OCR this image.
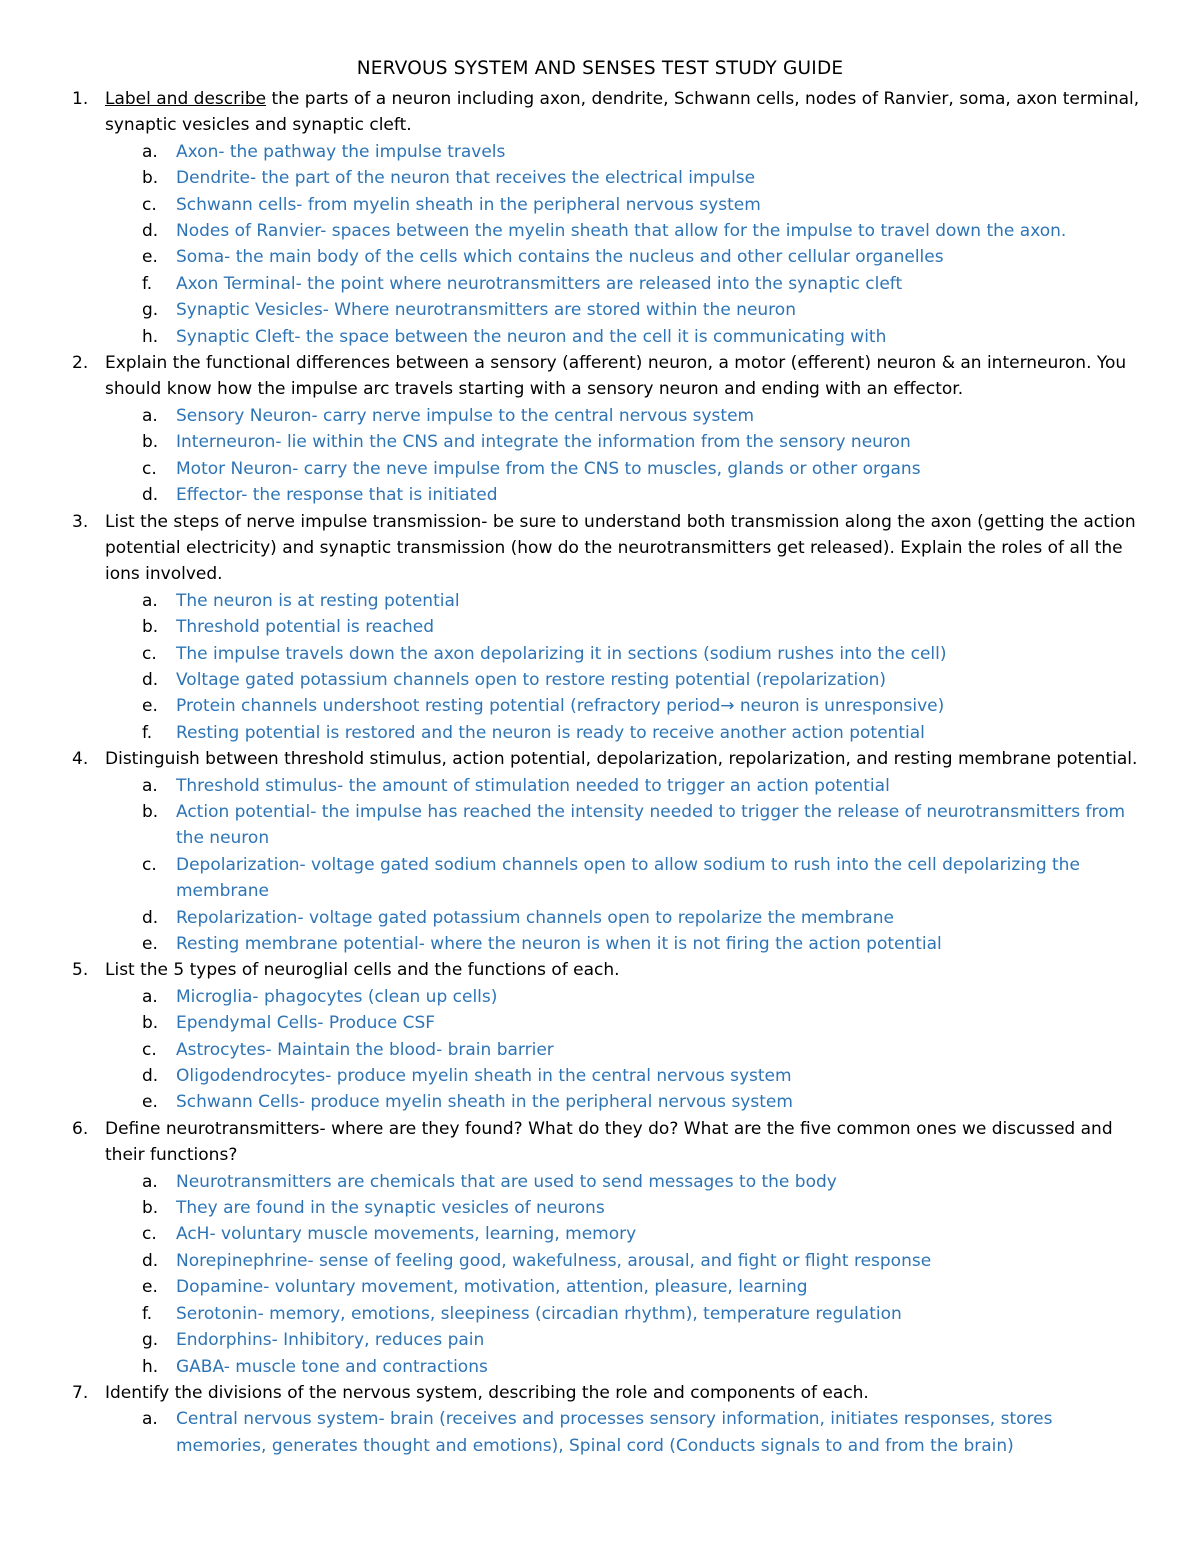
NERVOUS SYSTEM AND SENSES TEST STUDY GUIDE
1. Label and describe the parts of a neuron including axon, dendrite, Schwann cells, nodes of Ranvier, soma, axon terminal, synaptic vesicles and synaptic cleft.
a. Axon- the pathway the impulse travels
b. Dendrite- the part of the neuron that receives the electrical impulse
c. Schwann cells- from myelin sheath in the peripheral nervous system
d. Nodes of Ranvier- spaces between the myelin sheath that allow for the impulse to travel down the axon.
e. Soma- the main body of the cells which contains the nucleus and other cellular organelles
f. Axon Terminal- the point where neurotransmitters are released into the synaptic cleft
g. Synaptic Vesicles- Where neurotransmitters are stored within the neuron
h. Synaptic Cleft- the space between the neuron and the cell it is communicating with
2. Explain the functional differences between a sensory (afferent) neuron, a motor (efferent) neuron & an interneuron. You should know how the impulse arc travels starting with a sensory neuron and ending with an effector.
a. Sensory Neuron- carry nerve impulse to the central nervous system
b. Interneuron- lie within the CNS and integrate the information from the sensory neuron
c. Motor Neuron- carry the neve impulse from the CNS to muscles, glands or other organs
d. Effector- the response that is initiated
3. List the steps of nerve impulse transmission- be sure to understand both transmission along the axon (getting the action potential electricity) and synaptic transmission (how do the neurotransmitters get released). Explain the roles of all the ions involved.
a. The neuron is at resting potential
b. Threshold potential is reached
c. The impulse travels down the axon depolarizing it in sections (sodium rushes into the cell)
d. Voltage gated potassium channels open to restore resting potential (repolarization)
e. Protein channels undershoot resting potential (refractory period→ neuron is unresponsive)
f. Resting potential is restored and the neuron is ready to receive another action potential
4. Distinguish between threshold stimulus, action potential, depolarization, repolarization, and resting membrane potential.
a. Threshold stimulus- the amount of stimulation needed to trigger an action potential
b. Action potential- the impulse has reached the intensity needed to trigger the release of neurotransmitters from the neuron
c. Depolarization- voltage gated sodium channels open to allow sodium to rush into the cell depolarizing the membrane
d. Repolarization- voltage gated potassium channels open to repolarize the membrane
e. Resting membrane potential- where the neuron is when it is not firing the action potential
5. List the 5 types of neuroglial cells and the functions of each.
a. Microglia- phagocytes (clean up cells)
b. Ependymal Cells- Produce CSF
c. Astrocytes- Maintain the blood- brain barrier
d. Oligodendrocytes- produce myelin sheath in the central nervous system
e. Schwann Cells- produce myelin sheath in the peripheral nervous system
6. Define neurotransmitters- where are they found? What do they do? What are the five common ones we discussed and their functions?
a. Neurotransmitters are chemicals that are used to send messages to the body
b. They are found in the synaptic vesicles of neurons
c. AcH- voluntary muscle movements, learning, memory
d. Norepinephrine- sense of feeling good, wakefulness, arousal, and fight or flight response
e. Dopamine- voluntary movement, motivation, attention, pleasure, learning
f. Serotonin- memory, emotions, sleepiness (circadian rhythm), temperature regulation
g. Endorphins- Inhibitory, reduces pain
h. GABA- muscle tone and contractions
7. Identify the divisions of the nervous system, describing the role and components of each.
a. Central nervous system- brain (receives and processes sensory information, initiates responses, stores memories, generates thought and emotions), Spinal cord (Conducts signals to and from the brain)
